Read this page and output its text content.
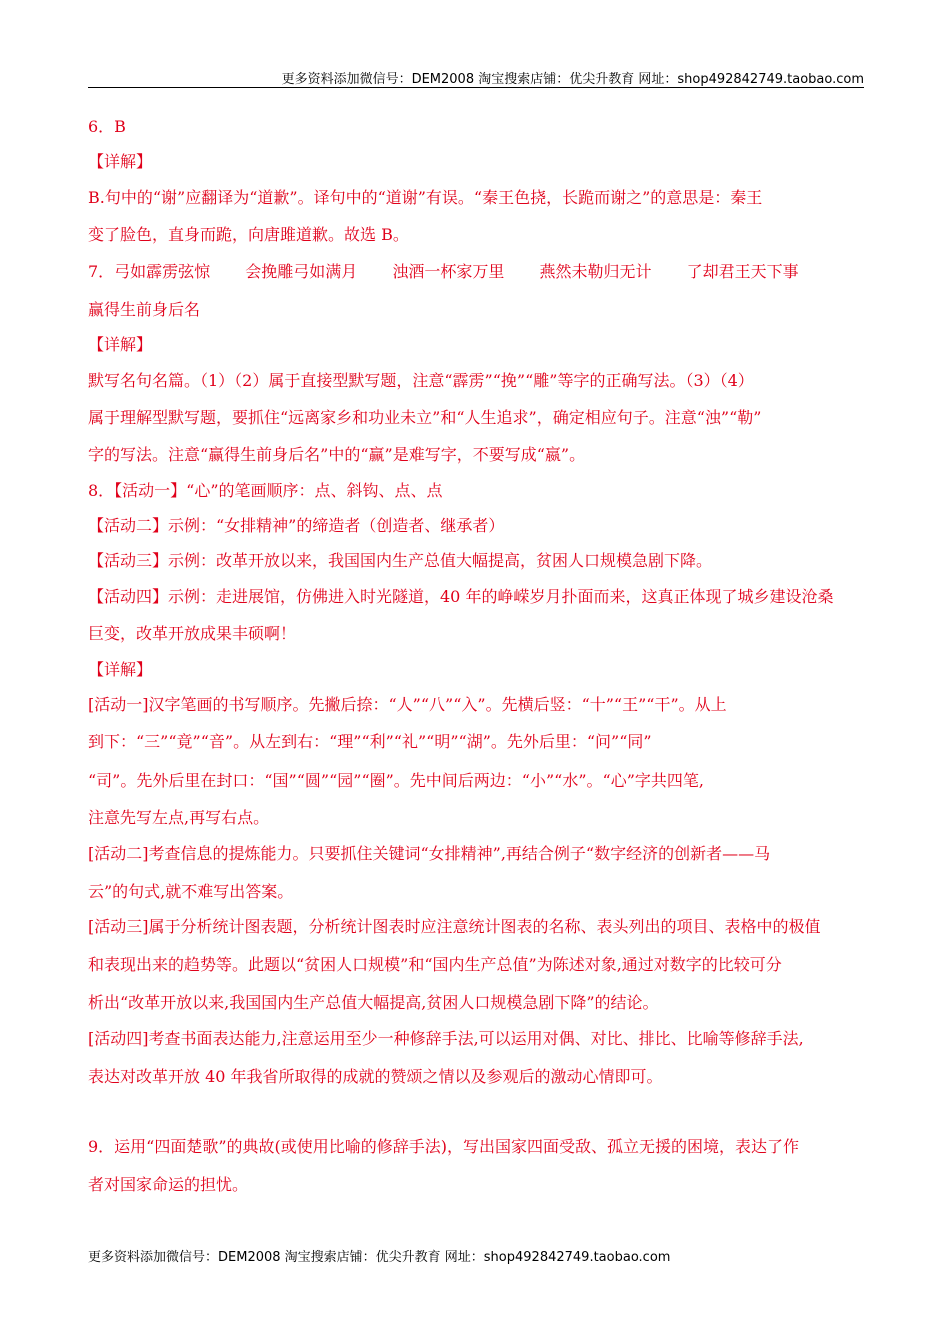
更多资料添加微信号：DEM2008 淘宝搜索店铺：优尖升教育 网址：shop492842749.taobao.com
6．B
【详解】
B.句中的“谢”应翻译为“道歉”。译句中的“道谢”有误。“秦王色挠，长跪而谢之”的意思是：秦王
变了脸色，直身而跪，向唐雎道歉。故选 B。
7．弓如霹雳弦惊 会挽雕弓如满月 浊酒一杯家万里 燕然未勒归无计 了却君王天下事
赢得生前身后名
【详解】
默写名句名篇。（1）（2）属于直接型默写题，注意“霹雳”“挽”“雕”等字的正确写法。（3）（4）
属于理解型默写题，要抓住“远离家乡和功业未立”和“人生追求”，确定相应句子。注意“浊”“勒”
字的写法。注意“赢得生前身后名”中的“赢”是难写字，不要写成“嬴”。
8．【活动一】“心”的笔画顺序：点、斜钩、点、点
【活动二】示例：“女排精神”的缔造者（创造者、继承者）
【活动三】示例：改革开放以来，我国国内生产总值大幅提高，贫困人口规模急剧下降。
【活动四】示例：走进展馆，仿佛进入时光隧道，40 年的峥嵘岁月扑面而来，这真正体现了城乡建设沧桑
巨变，改革开放成果丰硕啊！
【详解】
[活动一]汉字笔画的书写顺序。先撇后捺：“人”“八”“入”。先横后竖：“十”“王”“干”。从上
到下：“三”“竟”“音”。从左到右：“理”“利”“礼”“明”“湖”。先外后里：“问”“同”
“司”。先外后里在封口：“国”“圆”“园”“圈”。先中间后两边：“小”“水”。“心”字共四笔,
注意先写左点,再写右点。
[活动二]考查信息的提炼能力。只要抓住关键词“女排精神”,再结合例子“数字经济的创新者——马
云”的句式,就不难写出答案。
[活动三]属于分析统计图表题，分析统计图表时应注意统计图表的名称、表头列出的项目、表格中的极值
和表现出来的趋势等。此题以“贫困人口规模”和“国内生产总值”为陈述对象,通过对数字的比较可分
析出“改革开放以来,我国国内生产总值大幅提高,贫困人口规模急剧下降”的结论。
[活动四]考查书面表达能力,注意运用至少一种修辞手法,可以运用对偶、对比、排比、比喻等修辞手法,
表达对改革开放 40 年我省所取得的成就的赞颂之情以及参观后的激动心情即可。
9．运用“四面楚歌”的典故(或使用比喻的修辞手法)，写出国家四面受敌、孤立无援的困境，表达了作
者对国家命运的担忧。
更多资料添加微信号：DEM2008 淘宝搜索店铺：优尖升教育 网址：shop492842749.taobao.com
